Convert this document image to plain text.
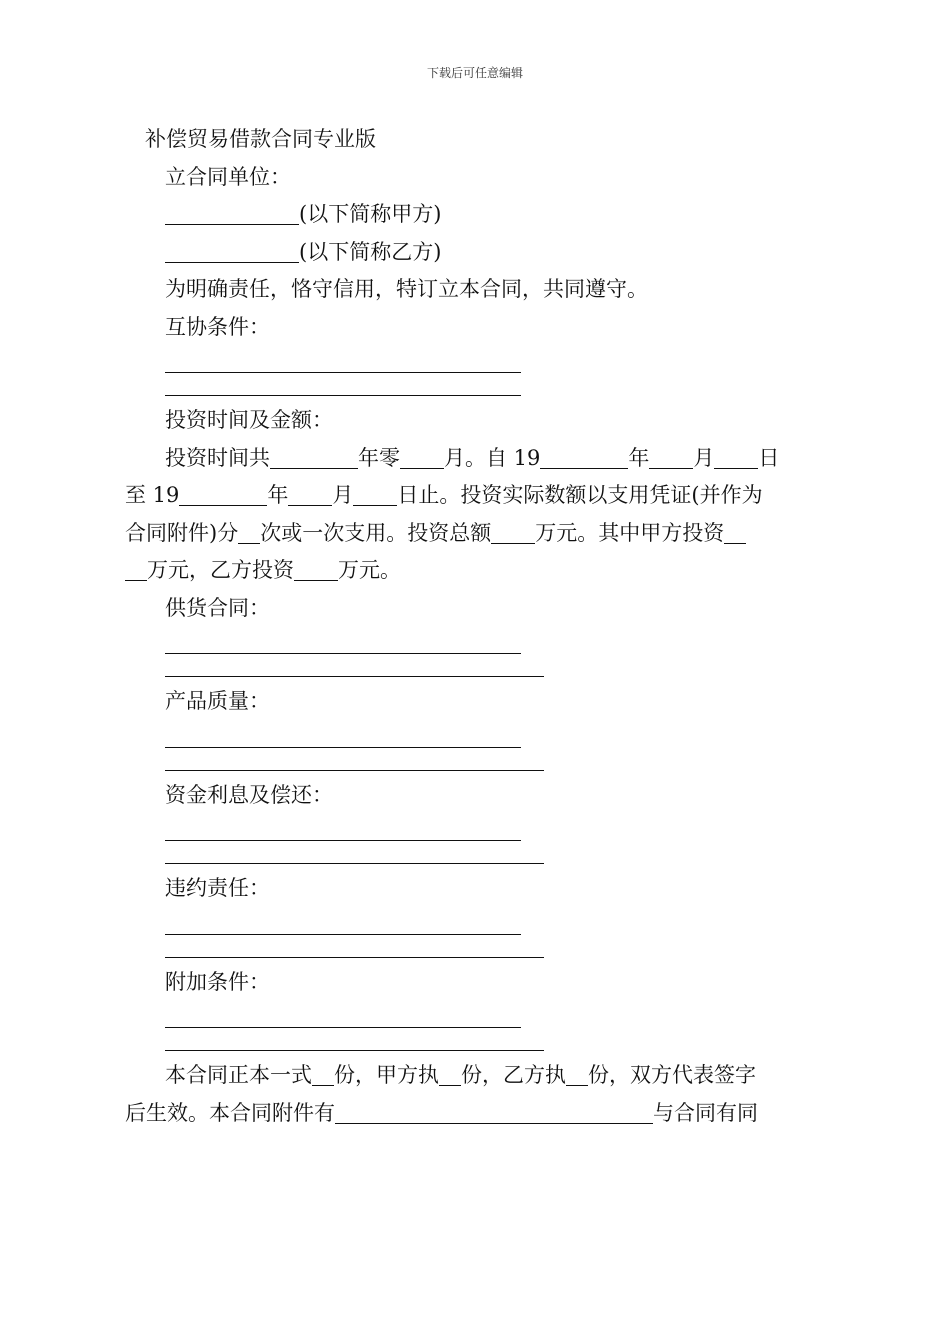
下载后可任意编辑
补偿贸易借款合同专业版
立合同单位：
(以下简称甲方)
(以下简称乙方)
为明确责任，恪守信用，特订立本合同，共同遵守。
互协条件：
投资时间及金额：
投资时间共	年零 月。自 19	年 月 日
至 19	年 月 日止。投资实际数额以支用凭证(并作为
合同附件)分 次或一次支用。投资总额 万元。其中甲方投资
万元，乙方投资 万元。
供货合同：
产品质量：
资金利息及偿还：
违约责任：
附加条件：
本合同正本一式 份，甲方执 份，乙方执 份，双方代表签字
后生效。本合同附件有	与合同有同
